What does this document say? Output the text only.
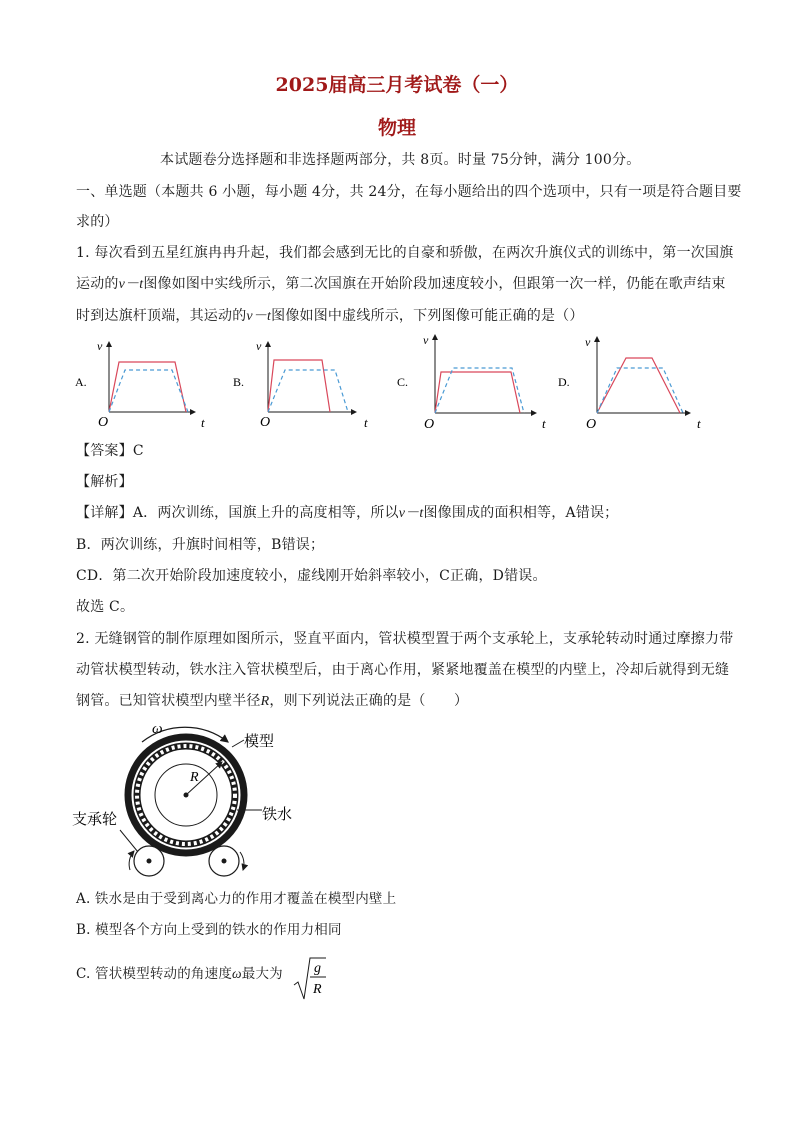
2025届高三月考试卷（一）
物理
本试题卷分选择题和非选择题两部分，共 8页。时量 75分钟，满分 100分。
一、单选题（本题共 6 小题，每小题 4分，共 24分，在每小题给出的四个选项中，只有一项是符合题目要
求的）
1. 每次看到五星红旗冉冉升起，我们都会感到无比的自豪和骄傲，在两次升旗仪式的训练中，第一次国旗
运动的ν－t图像如图中实线所示，第二次国旗在开始阶段加速度较小，但跟第一次一样，仍能在歌声结束
时到达旗杆顶端，其运动的ν－t图像如图中虚线所示，下列图像可能正确的是（）
A.
v
t
O
B.
v
t
O
C.
v
t
O
D.
v
t
O
【答案】C
【解析】
【详解】A．两次训练，国旗上升的高度相等，所以ν－t图像围成的面积相等，A错误；
B．两次训练，升旗时间相等，B错误；
CD．第二次开始阶段加速度较小，虚线刚开始斜率较小，C正确，D错误。
故选 C。
2. 无缝钢管的制作原理如图所示，竖直平面内，管状模型置于两个支承轮上，支承轮转动时通过摩擦力带
动管状模型转动，铁水注入管状模型后，由于离心作用，紧紧地覆盖在模型的内壁上，冷却后就得到无缝
钢管。已知管状模型内壁半径R，则下列说法正确的是（　　）
ω
R
模型
铁水
支承轮
A. 铁水是由于受到离心力的作用才覆盖在模型内壁上
B. 模型各个方向上受到的铁水的作用力相同
C. 管状模型转动的角速度ω最大为 g
R
